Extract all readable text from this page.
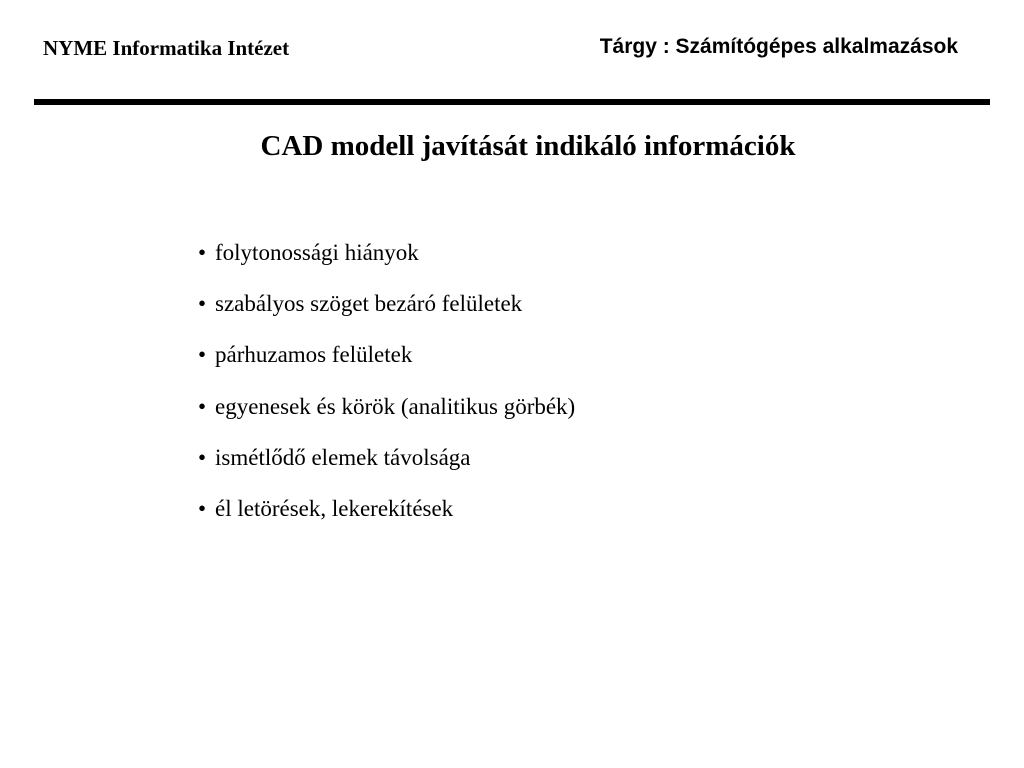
NYME Informatika Intézet	Tárgy : Számítógépes alkalmazások
CAD modell javítását indikáló információk
• folytonossági hiányok
• szabályos szöget bezáró felületek
• párhuzamos felületek
• egyenesek és körök (analitikus görbék)
• ismétlődő elemek távolsága
• él letörések, lekerekítések
